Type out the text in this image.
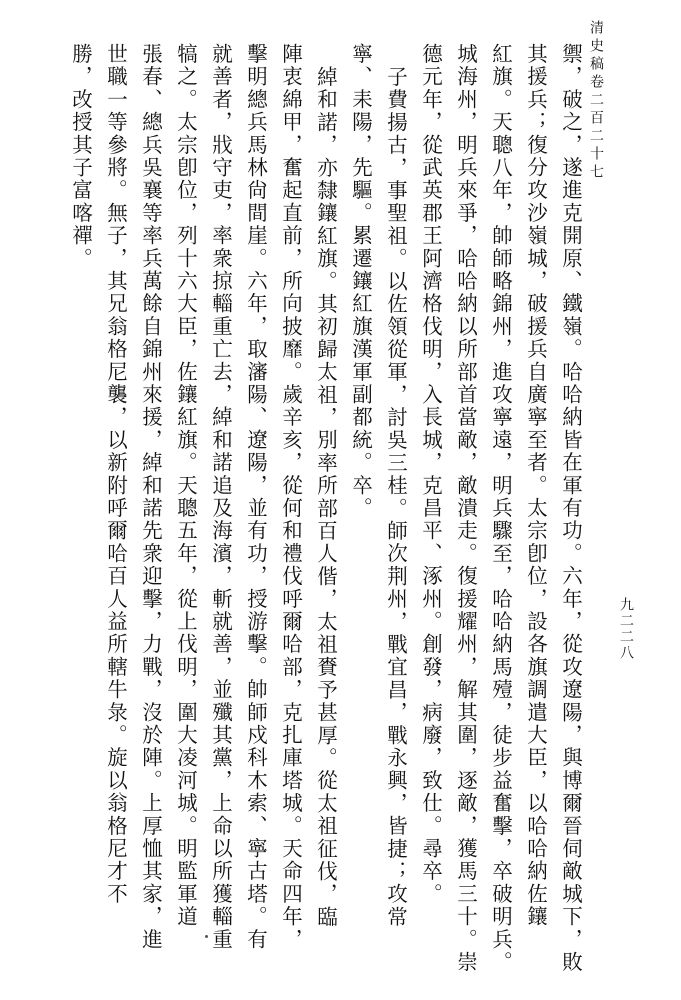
清史稿卷二百二十七
九二二八
禦，破之，遂進克開原、鐵嶺。哈哈納皆在軍有功。六年，從攻遼陽，與博爾晉伺敵城下，敗
其援兵；復分攻沙嶺城，破援兵自廣寧至者。太宗卽位，設各旗調遣大臣，以哈哈納佐鑲
紅旗。天聰八年，帥師略錦州，進攻寧遠，明兵驟至，哈哈納馬殪，徒步益奮擊，卒破明兵。
城海州，明兵來爭，哈哈納以所部首當敵，敵潰走。復援耀州，解其圍，逐敵，獲馬三十。崇
德元年，從武英郡王阿濟格伐明，入長城，克昌平、涿州。創發，病廢，致仕。尋卒。
子費揚古，事聖祖。以佐領從軍，討吳三桂。師次荆州，戰宜昌，戰永興，皆捷；攻常
寧、耒陽，先驅。累遷鑲紅旗漢軍副都統。卒。
綽和諾，亦隸鑲紅旗。其初歸太祖，別率所部百人偕，太祖賚予甚厚。從太祖征伐，臨
陣衷綿甲，奮起直前，所向披靡。歲辛亥，從何和禮伐呼爾哈部，克扎庫塔城。天命四年，
擊明總兵馬林尙間崖。六年，取瀋陽、遼陽，並有功，授游擊。帥師戍科木索、寧古塔。有
就善者，戕守吏，率衆掠輜重亡去，綽和諾追及海濱，斬就善，並殲其黨，上命以所獲輜重
犒之。太宗卽位，列十六大臣，佐鑲紅旗。天聰五年，從上伐明，圍大凌河城。明監軍道
張春、總兵吳襄等率兵萬餘自錦州來援，綽和諾先衆迎擊，力戰，沒於陣。上厚恤其家，進
世職一等參將。無子，其兄翁格尼襲，以新附呼爾哈百人益所轄牛彔。旋以翁格尼才不
勝，改授其子富喀禪。
